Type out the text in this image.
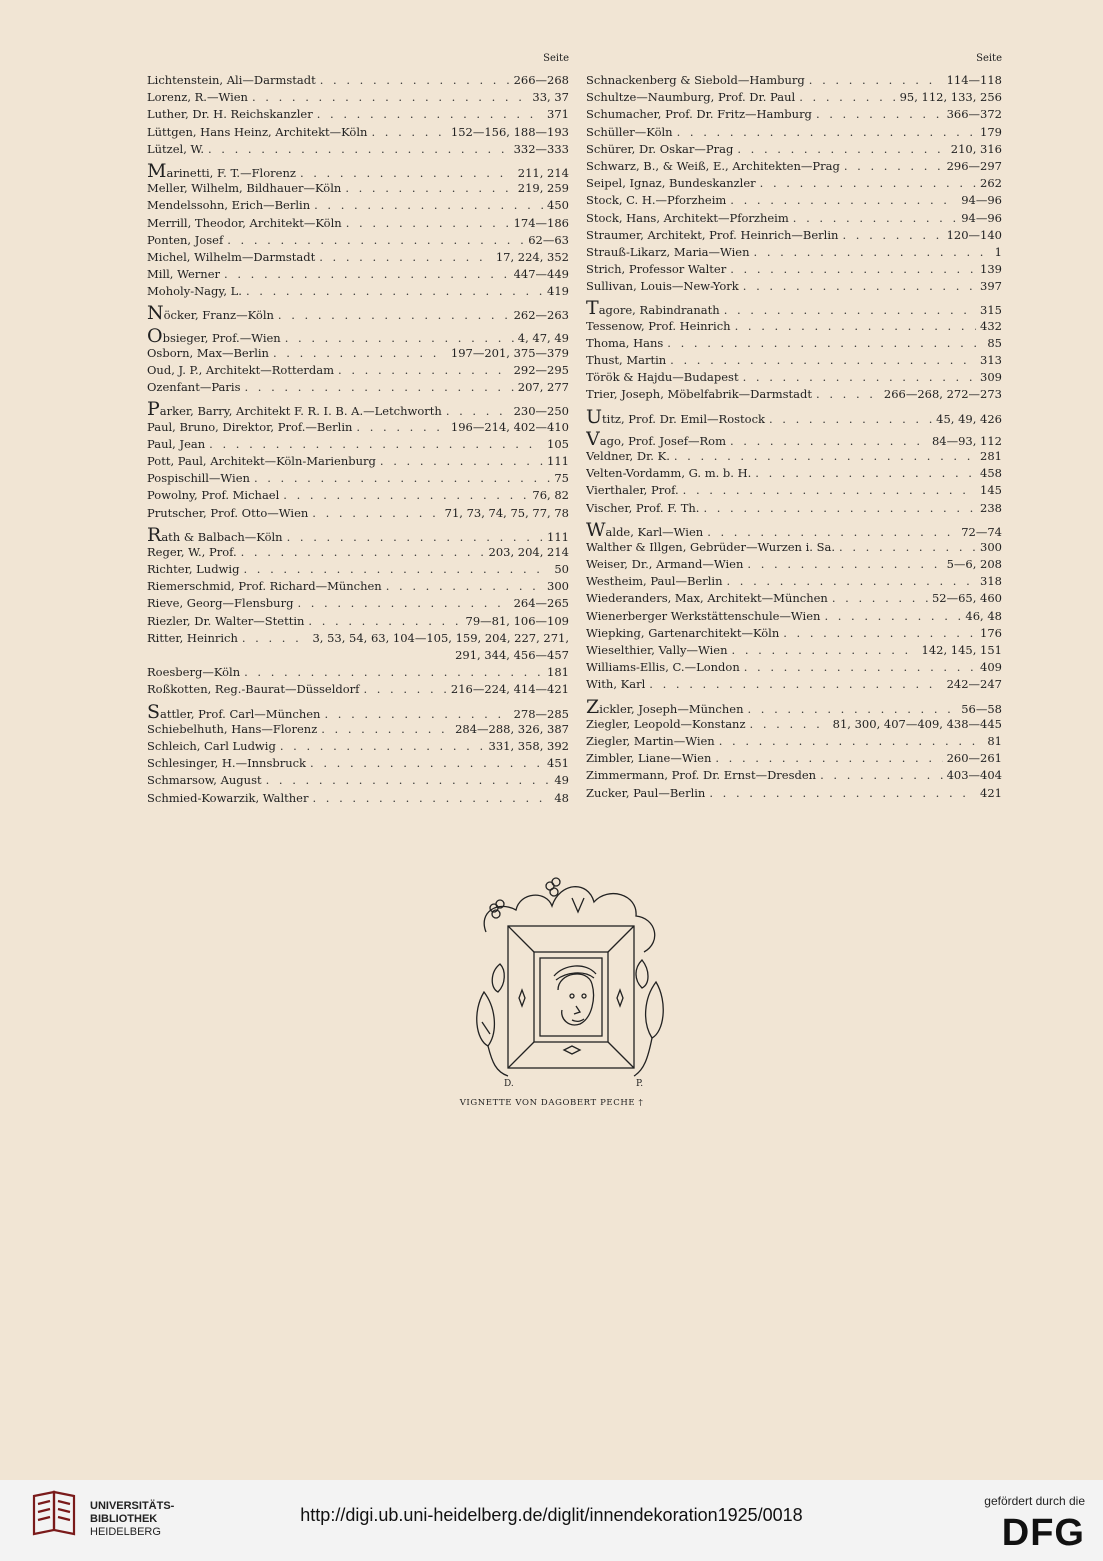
Seite
Lichtenstein, Ali—Darmstadt . . .	266—268
Lorenz, R.—Wien . . .	33, 37
Luther, Dr. H. Reichskanzler . . .	371
Lüttgen, Hans Heinz, Architekt—Köln . . .	152—156, 188—193
Lützel, W. . . .	332—333
Marinetti, F. T.—Florenz . . .	211, 214
Meller, Wilhelm, Bildhauer—Köln . . .	219, 259
Mendelssohn, Erich—Berlin . . .	450
Merrill, Theodor, Architekt—Köln . . .	174—186
Ponten, Josef . . .	62—63
Michel, Wilhelm—Darmstadt . . .	17, 224, 352
Mill, Werner . . .	447—449
Moholy-Nagy, L. . . .	419
Nöcker, Franz—Köln . . .	262—263
Obsieger, Prof.—Wien . . .	4, 47, 49
Osborn, Max—Berlin . . .	197—201, 375—379
Oud, J. P., Architekt—Rotterdam . . .	292—295
Ozenfant—Paris . . .	207, 277
Parker, Barry, Architekt F. R. I. B. A.—Letchworth . . .	230—250
Paul, Bruno, Direktor, Prof.—Berlin . . .	196—214, 402—410
Paul, Jean . . .	105
Pott, Paul, Architekt—Köln-Marienburg . . .	111
Pospischill—Wien . . .	75
Powolny, Prof. Michael . . .	76, 82
Prutscher, Prof. Otto—Wien . . .	71, 73, 74, 75, 77, 78
Rath & Balbach—Köln . . .	111
Reger, W., Prof. . . .	203, 204, 214
Richter, Ludwig . . .	50
Riemerschmid, Prof. Richard—München . . .	300
Rieve, Georg—Flensburg . . .	264—265
Riezler, Dr. Walter—Stettin . . .	79—81, 106—109
Ritter, Heinrich . . .	3, 53, 54, 63, 104—105, 159, 204, 227, 271,
291, 344, 456—457
Roesberg—Köln . . .	181
Roßkotten, Reg.-Baurat—Düsseldorf . . .	216—224, 414—421
Sattler, Prof. Carl—München . . .	278—285
Schiebelhuth, Hans—Florenz . . .	284—288, 326, 387
Schleich, Carl Ludwig . . .	331, 358, 392
Schlesinger, H.—Innsbruck . . .	451
Schmarsow, August . . .	49
Schmied-Kowarzik, Walther . . .	48
Seite
Schnackenberg & Siebold—Hamburg . . .	114—118
Schultze—Naumburg, Prof. Dr. Paul . . .	95, 112, 133, 256
Schumacher, Prof. Dr. Fritz—Hamburg . . .	366—372
Schüller—Köln . . .	179
Schürer, Dr. Oskar—Prag . . .	210, 316
Schwarz, B., & Weiß, E., Architekten—Prag . . .	296—297
Seipel, Ignaz, Bundeskanzler . . .	262
Stock, C. H.—Pforzheim . . .	94—96
Stock, Hans, Architekt—Pforzheim . . .	94—96
Straumer, Architekt, Prof. Heinrich—Berlin . . .	120—140
Strauß-Likarz, Maria—Wien . . .	1
Strich, Professor Walter . . .	139
Sullivan, Louis—New-York . . .	397
Tagore, Rabindranath . . .	315
Tessenow, Prof. Heinrich . . .	432
Thoma, Hans . . .	85
Thust, Martin . . .	313
Török & Hajdu—Budapest . . .	309
Trier, Joseph, Möbelfabrik—Darmstadt . . .	266—268, 272—273
Utitz, Prof. Dr. Emil—Rostock . . .	45, 49, 426
Vago, Prof. Josef—Rom . . .	84—93, 112
Veldner, Dr. K. . . .	281
Velten-Vordamm, G. m. b. H. . . .	458
Vierthaler, Prof. . . .	145
Vischer, Prof. F. Th. . . .	238
Walde, Karl—Wien . . .	72—74
Walther & Illgen, Gebrüder—Wurzen i. Sa. . . .	300
Weiser, Dr., Armand—Wien . . .	5—6, 208
Westheim, Paul—Berlin . . .	318
Wiederanders, Max, Architekt—München . . .	52—65, 460
Wienerberger Werkstättenschule—Wien . . .	46, 48
Wiepking, Gartenarchitekt—Köln . . .	176
Wieselthier, Vally—Wien . . .	142, 145, 151
Williams-Ellis, C.—London . . .	409
With, Karl . . .	242—247
Zickler, Joseph—München . . .	56—58
Ziegler, Leopold—Konstanz . . .	81, 300, 407—409, 438—445
Ziegler, Martin—Wien . . .	81
Zimbler, Liane—Wien . . .	260—261
Zimmermann, Prof. Dr. Ernst—Dresden . . .	403—404
Zucker, Paul—Berlin . . .	421
D.	P.
VIGNETTE VON DAGOBERT PECHE †
UNIVERSITÄTS-
BIBLIOTHEK
HEIDELBERG
http://digi.ub.uni-heidelberg.de/diglit/innendekoration1925/0018
gefördert durch die
DFG
